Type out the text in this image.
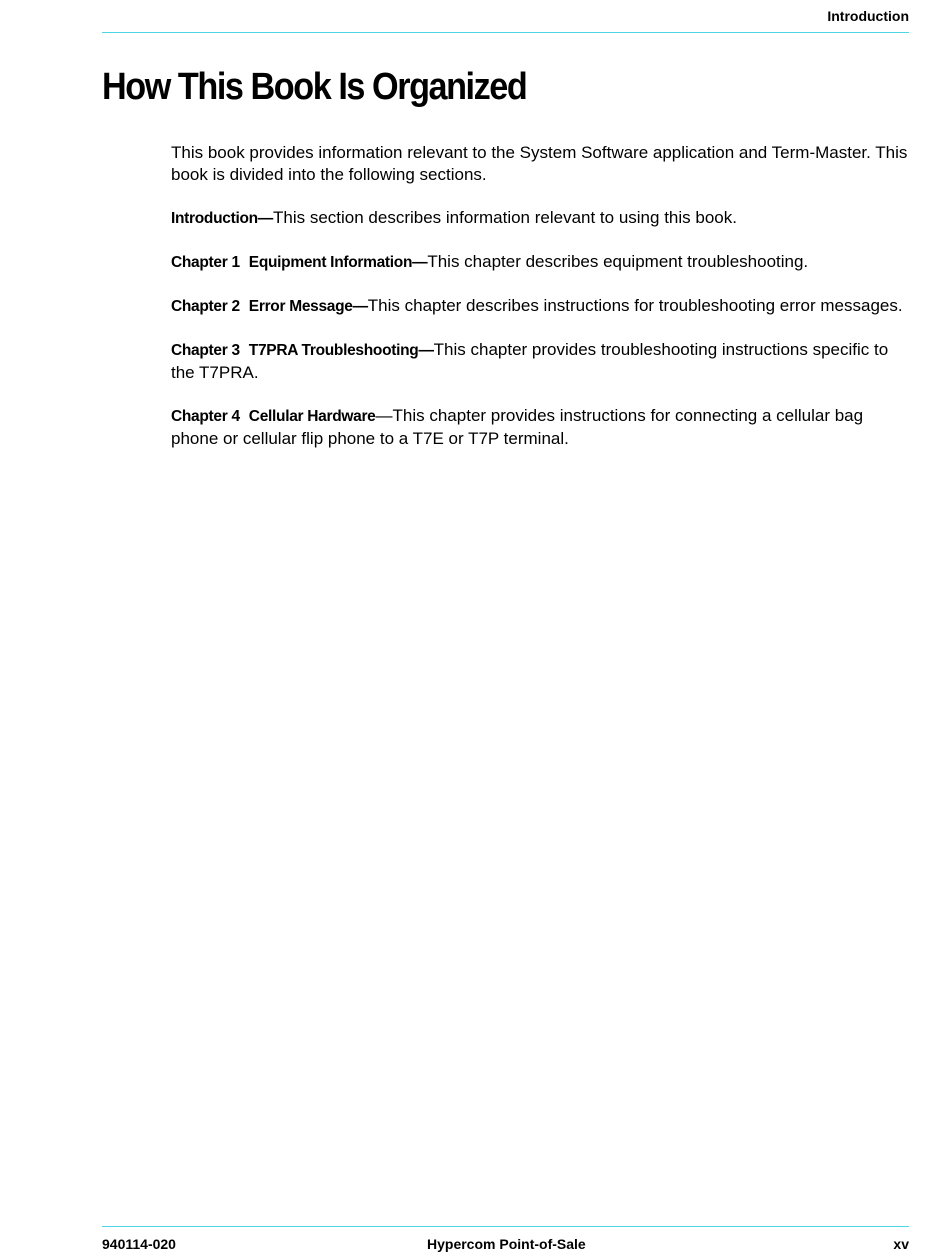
Introduction
How This Book Is Organized

This book provides information relevant to the System Software application and Term-Master. This book is divided into the following sections.

Introduction—This section describes information relevant to using this book.

Chapter 1 Equipment Information—This chapter describes equipment troubleshooting.

Chapter 2 Error Message—This chapter describes instructions for troubleshooting error messages.

Chapter 3 T7PRA Troubleshooting—This chapter provides troubleshooting instructions specific to the T7PRA.

Chapter 4 Cellular Hardware—This chapter provides instructions for connecting a cellular bag phone or cellular flip phone to a T7E or T7P terminal.

940114-020	Hypercom Point-of-Sale	xv
